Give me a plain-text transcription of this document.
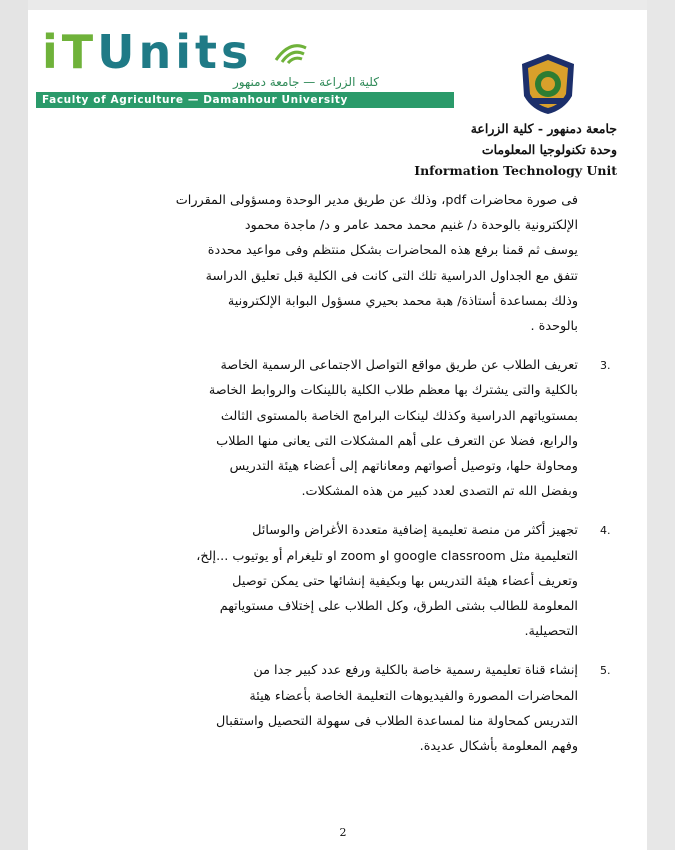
iTUnits
كلية الزراعة — جامعة دمنهور
Faculty of Agriculture — Damanhour University
جامعة دمنهور - كلية الزراعة
وحدة تكنولوجيا المعلومات
Information Technology Unit

فى صورة محاضرات pdf، وذلك عن طريق مدير الوحدة ومسؤولى المقررات

الإلكترونية بالوحدة د/ غنيم محمد محمد عامر و د/ ماجدة محمود

يوسف ثم قمنا برفع هذه المحاضرات بشكل منتظم وفى مواعيد محددة

تتفق مع الجداول الدراسية تلك التى كانت فى الكلية قبل تعليق الدراسة

وذلك بمساعدة أستاذة/ هبة محمد بحيري مسؤول البوابة الإلكترونية

بالوحدة .

3.

تعريف الطلاب عن طريق مواقع التواصل الاجتماعى الرسمية الخاصة

بالكلية والتى يشترك بها معظم طلاب الكلية باللينكات والروابط الخاصة

بمستوياتهم الدراسية وكذلك لينكات البرامج الخاصة بالمستوى الثالث

والرابع، فضلا عن التعرف على أهم المشكلات التى يعانى منها الطلاب

ومحاولة حلها، وتوصيل أصواتهم ومعاناتهم إلى أعضاء هيئة التدريس

وبفضل الله تم التصدى لعدد كبير من هذه المشكلات.

4.

تجهيز أكثر من منصة تعليمية إضافية متعددة الأغراض والوسائل

التعليمية مثل google classroom او zoom او تليغرام أو يوتيوب ...إلخ،

وتعريف أعضاء هيئة التدريس بها وبكيفية إنشائها حتى يمكن توصيل

المعلومة للطالب بشتى الطرق، وكل الطلاب على إختلاف مستوياتهم

التحصيلية.

5.

إنشاء قناة تعليمية رسمية خاصة بالكلية ورفع عدد كبير جدا من

المحاضرات المصورة والفيديوهات التعليمة الخاصة بأعضاء هيئة

التدريس كمحاولة منا لمساعدة الطلاب فى سهولة التحصيل واستقبال

وفهم المعلومة بأشكال عديدة.

2
